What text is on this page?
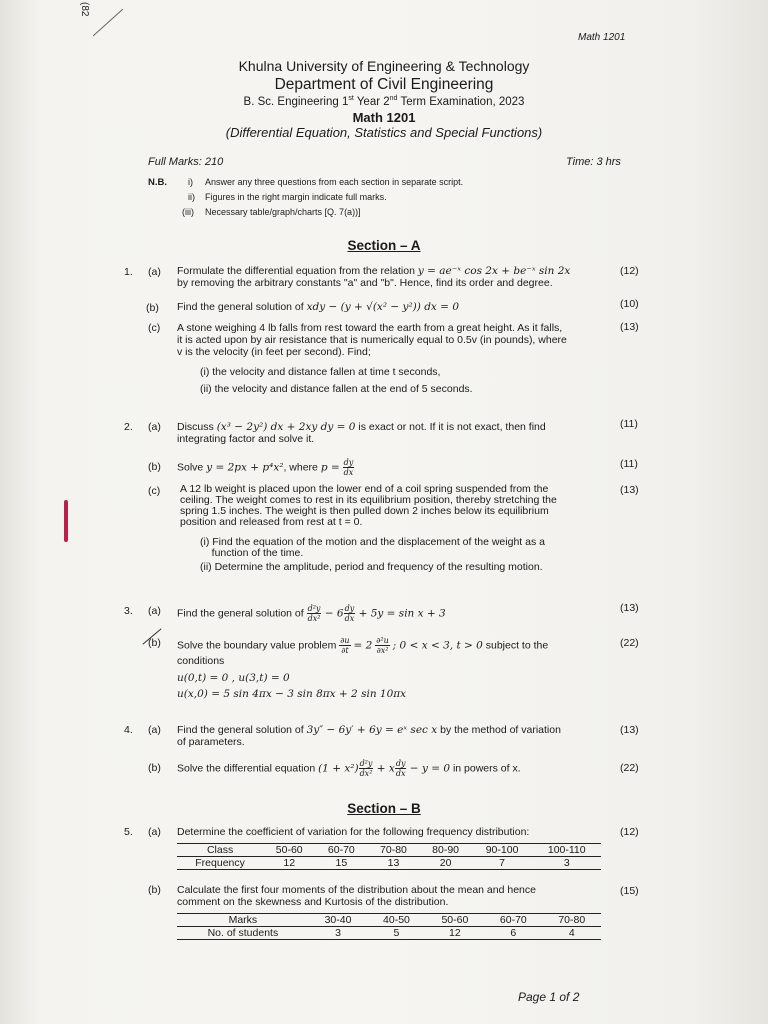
(82
Math 1201
Khulna University of Engineering & Technology
Department of Civil Engineering
B. Sc. Engineering 1st Year 2nd Term Examination, 2023
Math 1201
(Differential Equation, Statistics and Special Functions)
Full Marks: 210	Time: 3 hrs
N.B. i) Answer any three questions from each section in separate script.
ii) Figures in the right margin indicate full marks.
(iii) Necessary table/graph/charts [Q. 7(a))]
Section – A
1. (a) Formulate the differential equation from the relation y = ae⁻ˣ cos 2x + be⁻ˣ sin 2x
by removing the arbitrary constants "a" and "b". Hence, find its order and degree.
(12)
(b) Find the general solution of xdy − (y + √(x² − y²)) dx = 0	(10)
(c) A stone weighing 4 lb falls from rest toward the earth from a great height. As it falls,
it is acted upon by air resistance that is numerically equal to 0.5v (in pounds), where
v is the velocity (in feet per second). Find;
(13)
(i) the velocity and distance fallen at time t seconds,
(ii) the velocity and distance fallen at the end of 5 seconds.
2. (a) Discuss (x³ − 2y²) dx + 2xy dy = 0 is exact or not. If it is not exact, then find
integrating factor and solve it.
(11)
(b) Solve y = 2px + p⁴x², where $p = \frac{dy}{dx}$	(11)
(c) A 12 lb weight is placed upon the lower end of a coil spring suspended from the
ceiling. The weight comes to rest in its equilibrium position, thereby stretching the
spring 1.5 inches. The weight is then pulled down 2 inches below its equilibrium
position and released from rest at t = 0.
(13)
(i) Find the equation of the motion and the displacement of the weight as a
function of the time.
(ii) Determine the amplitude, period and frequency of the resulting motion.
3. (a) Find the general solution of $\frac{\text{d²y}}{\text{dx²}} - 6 \frac{dy}{dx} + 5y = \sin x + 3$	(13)
(b) Solve the boundary value problem $\frac{\partial u}{\partial t} = 2 \frac{\text{∂²u}}{\text{∂x²}}$ ; 0 < x < 3, t > 0 subject to the	(22)
conditions
u(0,t) = 0 , u(3,t) = 0
u(x,0) = 5 sin 4πx − 3 sin 8πx + 2 sin 10πx
4. (a) Find the general solution of 3y″ − 6y′ + 6y = eˣ sec x by the method of variation
of parameters.
(13)
(b) Solve the differential equation $(1 + x^2) \frac{\text{d²y}}{\text{dx²}} + x \frac{dy}{dx} - y = 0$ in powers of x.	(22)
Section – B
5. (a) Determine the coefficient of variation for the following frequency distribution:	(12)
Class	50-60	60-70	70-80	80-90	90-100	100-110
Frequency	12	15	13	20	7	3
(b) Calculate the first four moments of the distribution about the mean and hence
comment on the skewness and Kurtosis of the distribution.
(15)
Marks	30-40	40-50	50-60	60-70	70-80
No. of students	3	5	12	6	4
Page 1 of 2
